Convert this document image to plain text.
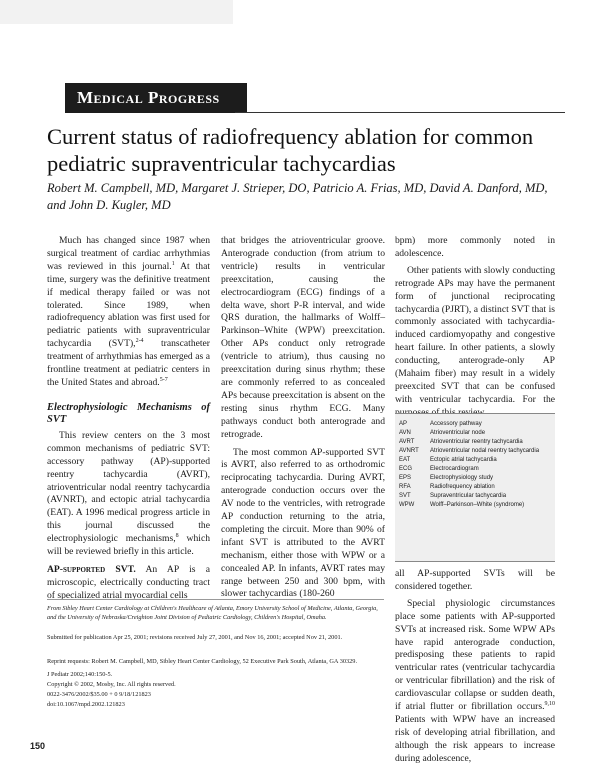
Medical Progress
Current status of radiofrequency ablation for common pediatric supraventricular tachycardias
Robert M. Campbell, MD, Margaret J. Strieper, DO, Patricio A. Frias, MD, David A. Danford, MD, and John D. Kugler, MD

Much has changed since 1987 when surgical treatment of cardiac arrhythmias was reviewed in this journal.$^1$ At that time, surgery was the definitive treatment if medical therapy failed or was not tolerated. Since 1989, when radiofrequency ablation was first used for pediatric patients with supraventricular tachycardia (SVT),$^{2-4}$ transcatheter treatment of arrhythmias has emerged as a frontline treatment at pediatric centers in the United States and abroad.$^{5-7}$

Electrophysiologic Mechanisms of SVT

This review centers on the 3 most common mechanisms of pediatric SVT: accessory pathway (AP)-supported reentry tachycardia (AVRT), atrioventricular nodal reentry tachycardia (AVNRT), and ectopic atrial tachycardia (EAT). A 1996 medical progress article in this journal discussed the electrophysiologic mechanisms,$^8$ which will be reviewed briefly in this article.

AP-supported SVT. An AP is a microscopic, electrically conducting tract of specialized atrial myocardial cells

that bridges the atrioventricular groove. Anterograde conduction (from atrium to ventricle) results in ventricular preexcitation, causing the electrocardiogram (ECG) findings of a delta wave, short P-R interval, and wide QRS duration, the hallmarks of Wolff–Parkinson–White (WPW) preexcitation. Other APs conduct only retrograde (ventricle to atrium), thus causing no preexcitation during sinus rhythm; these are commonly referred to as concealed APs because preexcitation is absent on the resting sinus rhythm ECG. Many pathways conduct both anterograde and retrograde.

The most common AP-supported SVT is AVRT, also referred to as orthodromic reciprocating tachycardia. During AVRT, anterograde conduction occurs over the AV node to the ventricles, with retrograde AP conduction returning to the atria, completing the circuit. More than 90% of infant SVT is attributed to the AVRT mechanism, either those with WPW or a concealed AP. In infants, AVRT rates may range between 250 and 300 bpm, with slower tachycardias (180-260

bpm) more commonly noted in adolescence.

Other patients with slowly conducting retrograde APs may have the permanent form of junctional reciprocating tachycardia (PJRT), a distinct SVT that is commonly associated with tachycardia-induced cardiomyopathy and congestive heart failure. In other patients, a slowly conducting, anterograde-only AP (Mahaim fiber) may result in a widely preexcited SVT that can be confused with ventricular tachycardia. For the

AP	Accessory pathway
AVN	Atrioventricular node
AVRT	Atrioventricular reentry tachycardia
AVNRT	Atrioventricular nodal reentry tachycardia
EAT	Ectopic atrial tachycardia
ECG	Electrocardiogram
EPS	Electrophysiology study
RFA	Radiofrequency ablation
SVT	Supraventricular tachycardia
WPW	Wolff–Parkinson–White (syndrome)

all AP-supported SVTs will be considered together.

Special physiologic circumstances place some patients with AP-supported SVTs at increased risk. Some WPW APs have rapid anterograde conduction, predisposing these patients to rapid ventricular rates (ventricular tachycardia or ventricular fibrillation) and the risk of cardiovascular collapse or sudden death, if atrial flutter or fibrillation occurs.$^{9,10}$ Patients with WPW have an increased risk of developing atrial fibrillation, and although the risk appears to increase during adolescence,

From Sibley Heart Center Cardiology at Children's Healthcare of Atlanta, Emory University School of Medicine, Atlanta, Georgia, and the University of Nebraska/Creighton Joint Division of Pediatric Cardiology, Children's Hospital, Omaha.
Submitted for publication Apr 25, 2001; revisions received July 27, 2001, and Nov 16, 2001; accepted Nov 21, 2001.
Reprint requests: Robert M. Campbell, MD, Sibley Heart Center Cardiology, 52 Executive Park South, Atlanta, GA 30329.
J Pediatr 2002;140:150-5.
Copyright © 2002, Mosby, Inc. All rights reserved.
0022-3476/2002/$35.00 + 0 9/18/121823
doi:10.1067/mpd.2002.121823
150
